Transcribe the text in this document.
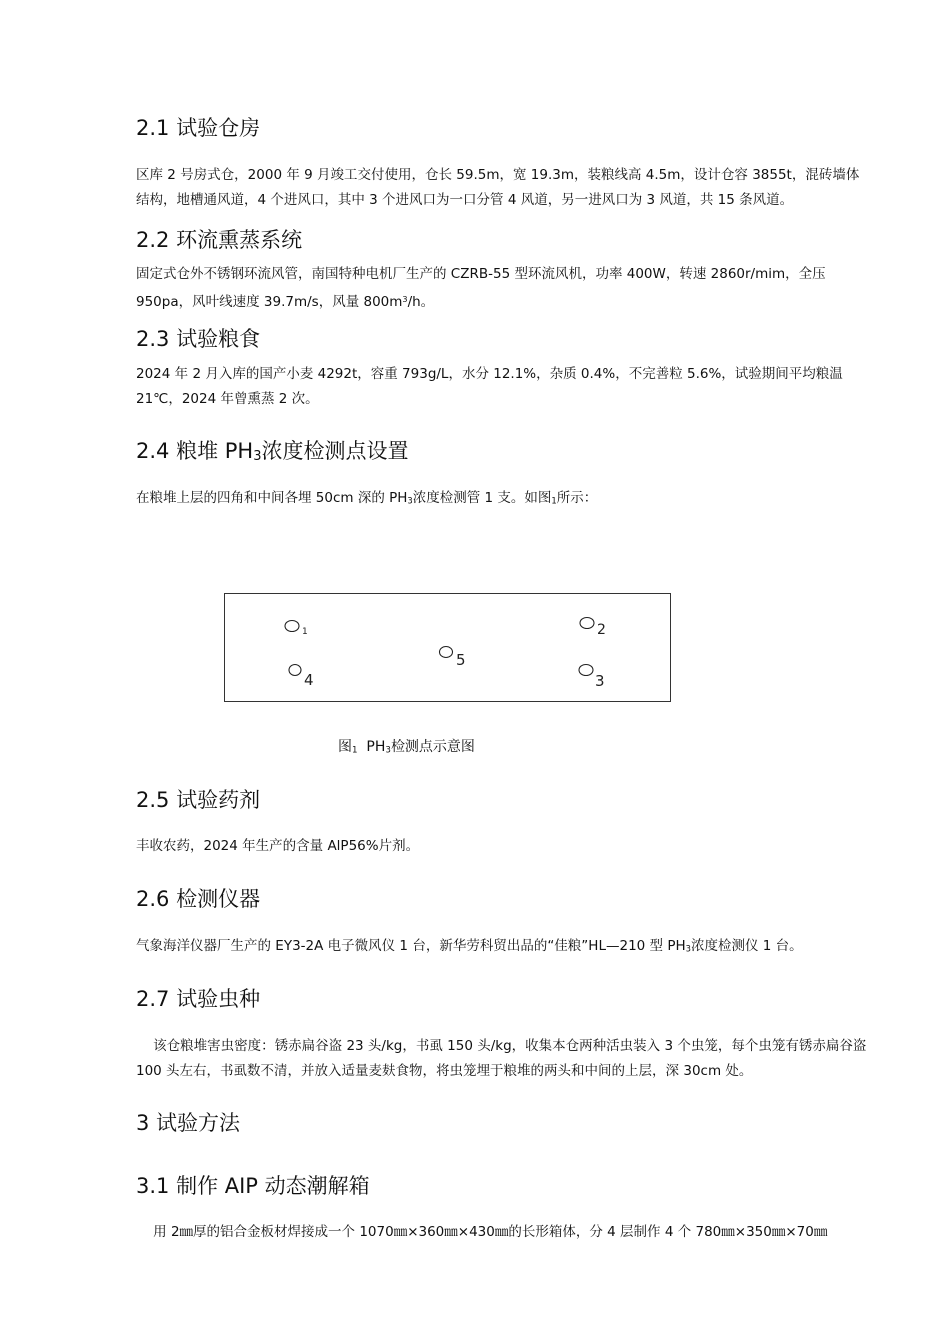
2.1 试验仓房

区库 2 号房式仓，2000 年 9 月竣工交付使用，仓长 59.5m，宽 19.3m，装粮线高 4.5m，设计仓容 3855t，混砖墙体结构，地槽通风道，4 个进风口，其中 3 个进风口为一口分管 4 风道，另一进风口为 3 风道，共 15 条风道。

2.2 环流熏蒸系统

固定式仓外不锈钢环流风管，南国特种电机厂生产的 CZRB-55 型环流风机，功率 400W，转速 2860r/mim，全压 950pa，风叶线速度 39.7m/s，风量 $800m^3/h$。

2.3 试验粮食

2024 年 2 月入库的国产小麦 4292t，容重 793g/L，水分 12.1%，杂质 0.4%，不完善粒 5.6%，试验期间平均粮温 21℃，2024 年曾熏蒸 2 次。

2.4 粮堆 $PH_3$浓度检测点设置

在粮堆上层的四角和中间各埋 50cm 深的 $PH_3$浓度检测管 1 支。如图$_1$所示：

1	2
5
4	3
图$_1$  $PH_3$检测点示意图
2.5 试验药剂

丰收农药，2024 年生产的含量 AlP56%片剂。

2.6 检测仪器

气象海洋仪器厂生产的 EY3-2A 电子微风仪 1 台，新华劳科贸出品的“佳粮”HL—210 型 $PH_3$浓度检测仪 1 台。

2.7 试验虫种

该仓粮堆害虫密度：锈赤扁谷盗 23 头/kg，书虱 150 头/kg，收集本仓两种活虫装入 3 个虫笼，每个虫笼有锈赤扁谷盗 100 头左右，书虱数不清，并放入适量麦麸食物，将虫笼埋于粮堆的两头和中间的上层，深 30cm 处。

3 试验方法
3.1 制作 AIP 动态潮解箱

用 2㎜厚的铝合金板材焊接成一个 1070㎜×360㎜×430㎜的长形箱体，分 4 层制作 4 个 780㎜×350㎜×70㎜
